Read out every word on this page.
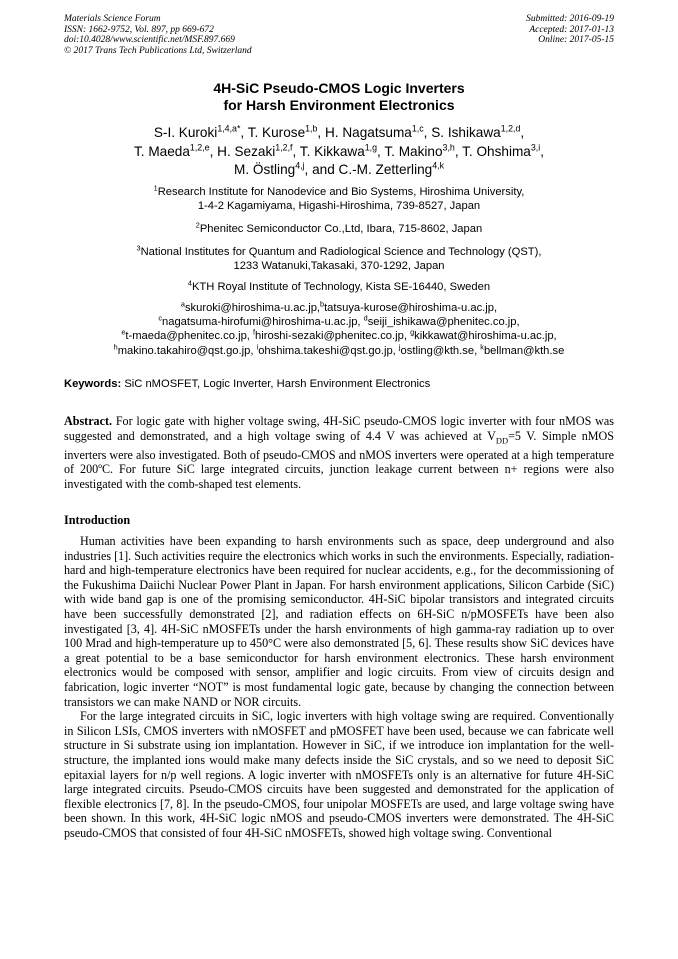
Materials Science Forum
ISSN: 1662-9752, Vol. 897, pp 669-672
doi:10.4028/www.scientific.net/MSF.897.669
© 2017 Trans Tech Publications Ltd, Switzerland
Submitted: 2016-09-19
Accepted: 2017-01-13
Online: 2017-05-15
4H-SiC Pseudo-CMOS Logic Inverters
for Harsh Environment Electronics
S-I. Kuroki$^{1,4,a*}$, T. Kurose$^{1,b}$, H. Nagatsuma$^{1,c}$, S. Ishikawa$^{1,2,d}$,
T. Maeda$^{1,2,e}$, H. Sezaki$^{1,2,f}$, T. Kikkawa$^{1,g}$, T. Makino$^{3,h}$, T. Ohshima$^{3,i}$,
M. Östling$^{4,j}$, and C.-M. Zetterling$^{4,k}$
$^1$Research Institute for Nanodevice and Bio Systems, Hiroshima University,
1-4-2 Kagamiyama, Higashi-Hiroshima, 739-8527, Japan
$^2$Phenitec Semiconductor Co.,Ltd, Ibara, 715-8602, Japan
$^3$National Institutes for Quantum and Radiological Science and Technology (QST),
1233 Watanuki,Takasaki, 370-1292, Japan
$^4$KTH Royal Institute of Technology, Kista SE-16440, Sweden
$^a$skuroki@hiroshima-u.ac.jp,$^b$tatsuya-kurose@hiroshima-u.ac.jp,
$^c$nagatsuma-hirofumi@hiroshima-u.ac.jp, $^d$seiji_ishikawa@phenitec.co.jp,
$^e$t-maeda@phenitec.co.jp, $^f$hiroshi-sezaki@phenitec.co.jp, $^g$kikkawat@hiroshima-u.ac.jp,
$^h$makino.takahiro@qst.go.jp, $^i$ohshima.takeshi@qst.go.jp, $^j$ostling@kth.se, $^k$bellman@kth.se
Keywords: SiC nMOSFET, Logic Inverter, Harsh Environment Electronics
Abstract. For logic gate with higher voltage swing, 4H-SiC pseudo-CMOS logic inverter with four nMOS was suggested and demonstrated, and a high voltage swing of 4.4 V was achieved at $V_{DD}=5$ V. Simple nMOS inverters were also investigated. Both of pseudo-CMOS and nMOS inverters were operated at a high temperature of 200ºC. For future SiC large integrated circuits, junction leakage current between n+ regions were also investigated with the comb-shaped test elements.
Introduction

Human activities have been expanding to harsh environments such as space, deep underground and also industries [1]. Such activities require the electronics which works in such the environments. Especially, radiation-hard and high-temperature electronics have been required for nuclear accidents, e.g., for the decommissioning of the Fukushima Daiichi Nuclear Power Plant in Japan. For harsh environment applications, Silicon Carbide (SiC) with wide band gap is one of the promising semiconductor. 4H-SiC bipolar transistors and integrated circuits have been successfully demonstrated [2], and radiation effects on 6H-SiC n/pMOSFETs have been also investigated [3, 4]. 4H-SiC nMOSFETs under the harsh environments of high gamma-ray radiation up to over 100 Mrad and high-temperature up to 450°C were also demonstrated [5, 6]. These results show SiC devices have a great potential to be a base semiconductor for harsh environment electronics. These harsh environment electronics would be composed with sensor, amplifier and logic circuits. From view of circuits design and fabrication, logic inverter “NOT” is most fundamental logic gate, because by changing the connection between transistors we can make NAND or NOR circuits.

For the large integrated circuits in SiC, logic inverters with high voltage swing are required. Conventionally in Silicon LSIs, CMOS inverters with nMOSFET and pMOSFET have been used, because we can fabricate well structure in Si substrate using ion implantation. However in SiC, if we introduce ion implantation for the well-structure, the implanted ions would make many defects inside the SiC crystals, and so we need to deposit SiC epitaxial layers for n/p well regions. A logic inverter with nMOSFETs only is an alternative for future 4H-SiC large integrated circuits. Pseudo-CMOS circuits have been suggested and demonstrated for the application of flexible electronics [7, 8]. In the pseudo-CMOS, four unipolar MOSFETs are used, and large voltage swing have been shown. In this work, 4H-SiC logic nMOS and pseudo-CMOS inverters were demonstrated. The 4H-SiC pseudo-CMOS that consisted of four 4H-SiC nMOSFETs, showed high voltage swing. Conventional
